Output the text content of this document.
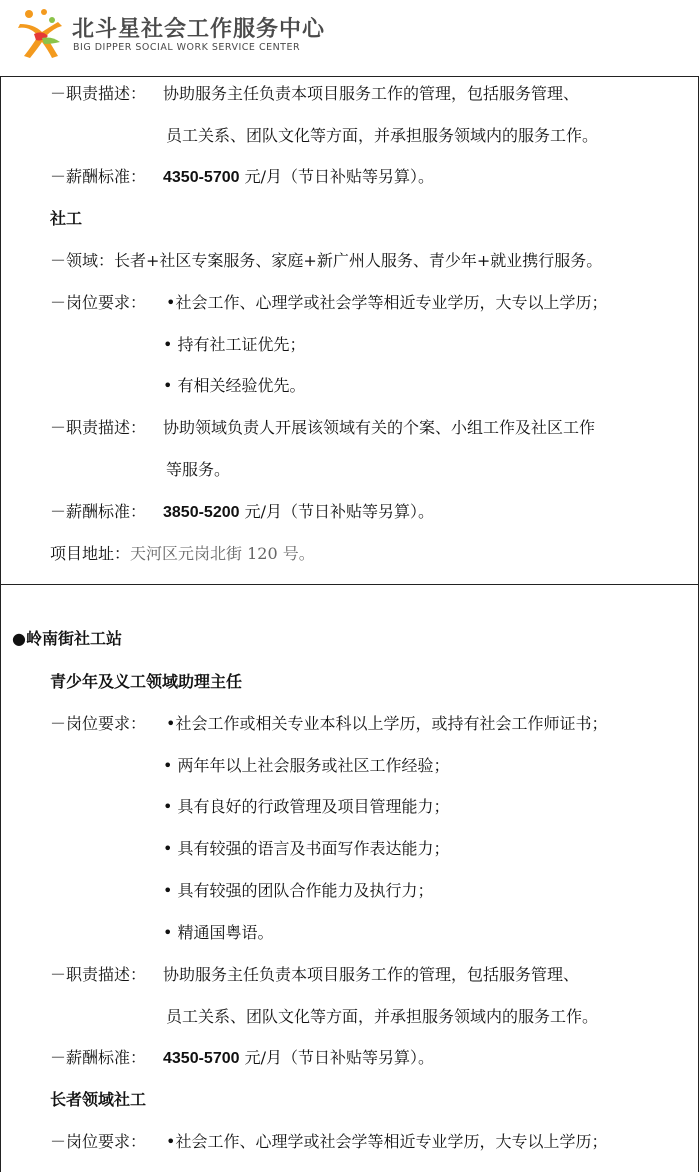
北斗星社会工作服务中心
BIG DIPPER SOCIAL WORK SERVICE CENTER
－职责描述： 协助服务主任负责本项目服务工作的管理，包括服务管理、
员工关系、团队文化等方面，并承担服务领域内的服务工作。
－薪酬标准： 4350-5700 元/月（节日补贴等另算）。
社工
－领域：长者+社区专案服务、家庭+新广州人服务、青少年+就业携行服务。
－岗位要求： •社会工作、心理学或社会学等相近专业学历，大专以上学历；
• 持有社工证优先；
• 有相关经验优先。
－职责描述： 协助领域负责人开展该领域有关的个案、小组工作及社区工作
等服务。
－薪酬标准： 3850-5200 元/月（节日补贴等另算）。
项目地址：天河区元岗北街 120 号。
●岭南街社工站
青少年及义工领域助理主任
－岗位要求： •社会工作或相关专业本科以上学历，或持有社会工作师证书；
• 两年年以上社会服务或社区工作经验；
• 具有良好的行政管理及项目管理能力；
• 具有较强的语言及书面写作表达能力；
• 具有较强的团队合作能力及执行力；
• 精通国粤语。
－职责描述： 协助服务主任负责本项目服务工作的管理，包括服务管理、
员工关系、团队文化等方面，并承担服务领域内的服务工作。
－薪酬标准： 4350-5700 元/月（节日补贴等另算）。
长者领域社工
－岗位要求： •社会工作、心理学或社会学等相近专业学历，大专以上学历；
